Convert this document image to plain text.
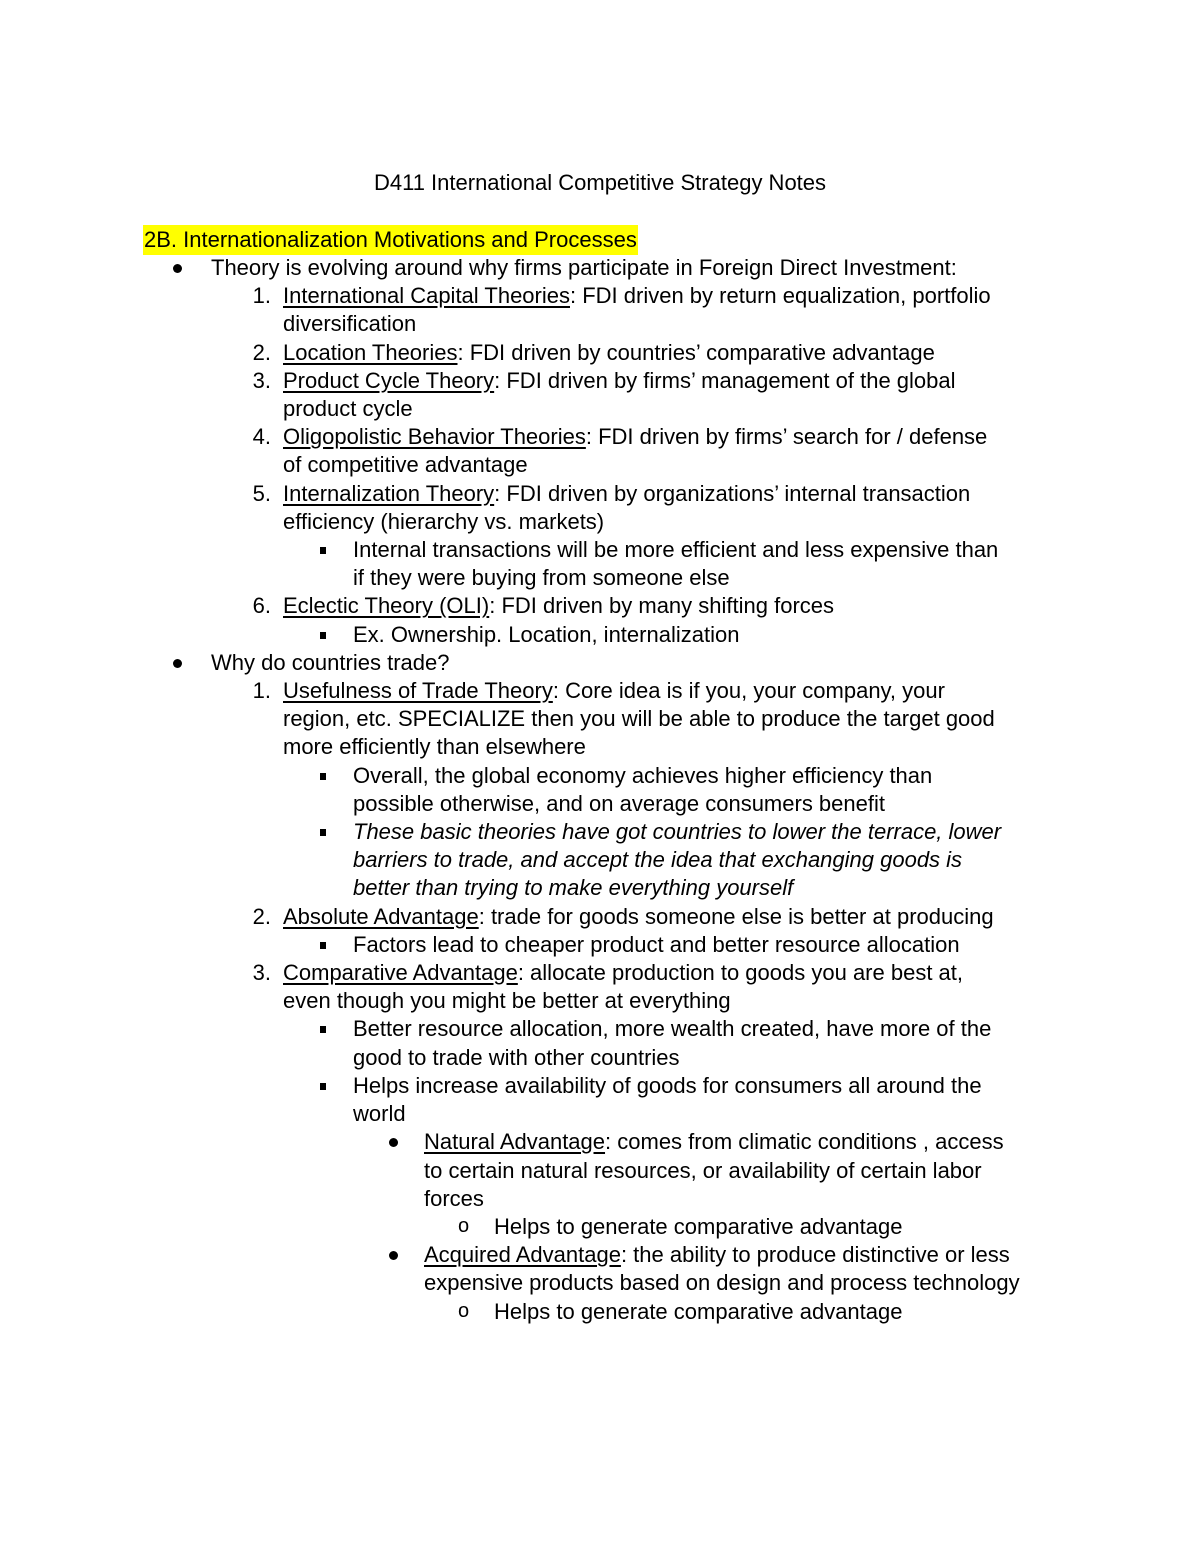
D411 International Competitive Strategy Notes
2B. Internationalization Motivations and Processes
Theory is evolving around why firms participate in Foreign Direct Investment:
1. International Capital Theories: FDI driven by return equalization, portfolio
diversification
2. Location Theories: FDI driven by countries’ comparative advantage
3. Product Cycle Theory: FDI driven by firms’ management of the global
product cycle
4. Oligopolistic Behavior Theories: FDI driven by firms’ search for / defense
of competitive advantage
5. Internalization Theory: FDI driven by organizations’ internal transaction
efficiency (hierarchy vs. markets)
Internal transactions will be more efficient and less expensive than
if they were buying from someone else
6. Eclectic Theory (OLI): FDI driven by many shifting forces
Ex. Ownership. Location, internalization
Why do countries trade?
1. Usefulness of Trade Theory: Core idea is if you, your company, your
region, etc. SPECIALIZE then you will be able to produce the target good
more efficiently than elsewhere
Overall, the global economy achieves higher efficiency than
possible otherwise, and on average consumers benefit
These basic theories have got countries to lower the terrace, lower
barriers to trade, and accept the idea that exchanging goods is
better than trying to make everything yourself
2. Absolute Advantage: trade for goods someone else is better at producing
Factors lead to cheaper product and better resource allocation
3. Comparative Advantage: allocate production to goods you are best at,
even though you might be better at everything
Better resource allocation, more wealth created, have more of the
good to trade with other countries
Helps increase availability of goods for consumers all around the
world
Natural Advantage: comes from climatic conditions , access
to certain natural resources, or availability of certain labor
forces
o Helps to generate comparative advantage
Acquired Advantage: the ability to produce distinctive or less
expensive products based on design and process technology
o Helps to generate comparative advantage
